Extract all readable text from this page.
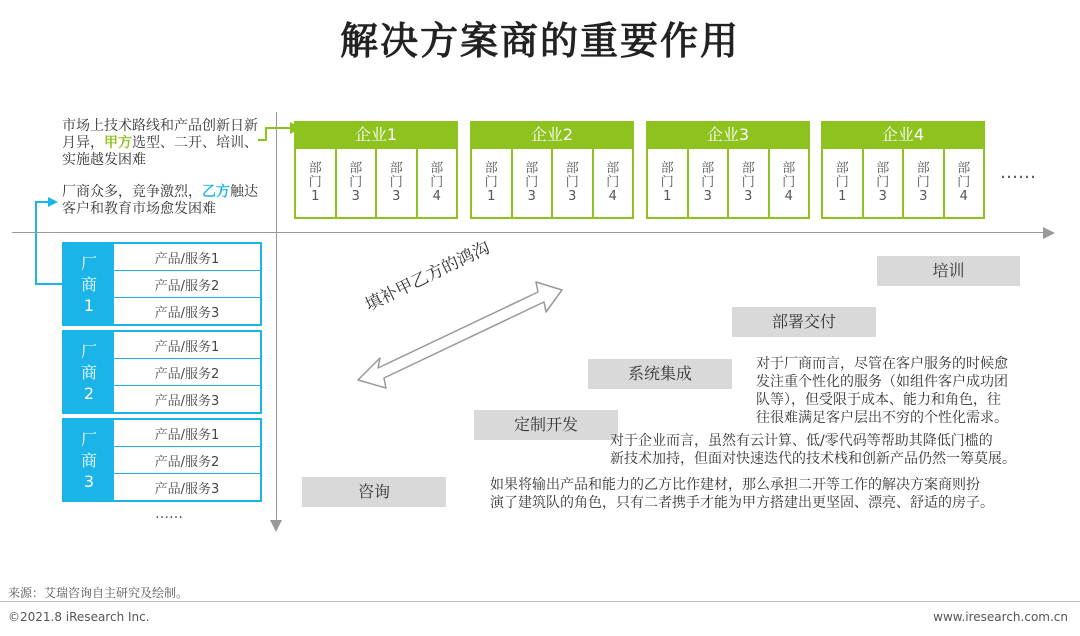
解决方案商的重要作用
市场上技术路线和产品创新日新月异，甲方选型、二开、培训、实施越发困难
厂商众多，竞争激烈，乙方触达客户和教育市场愈发困难
企业1
部
门
1
部
门
3
部
门
3
部
门
4
企业2
部
门
1
部
门
3
部
门
3
部
门
4
企业3
部
门
1
部
门
3
部
门
3
部
门
4
企业4
部
门
1
部
门
3
部
门
3
部
门
4
……
厂
商
1
产品/服务1
产品/服务2
产品/服务3
厂
商
2
产品/服务1
产品/服务2
产品/服务3
厂
商
3
产品/服务1
产品/服务2
产品/服务3
……
填补甲乙方的鸿沟
咨询
定制开发
系统集成
部署交付
培训
对于厂商而言，尽管在客户服务的时候愈
发注重个性化的服务（如组件客户成功团
队等），但受限于成本、能力和角色，往
往很难满足客户层出不穷的个性化需求。
对于企业而言，虽然有云计算、低/零代码等帮助其降低门槛的
新技术加持，但面对快速迭代的技术栈和创新产品仍然一筹莫展。
如果将输出产品和能力的乙方比作建材，那么承担二开等工作的解决方案商则扮
演了建筑队的角色，只有二者携手才能为甲方搭建出更坚固、漂亮、舒适的房子。
来源：艾瑞咨询自主研究及绘制。
©2021.8 iResearch Inc.	www.iresearch.com.cn
